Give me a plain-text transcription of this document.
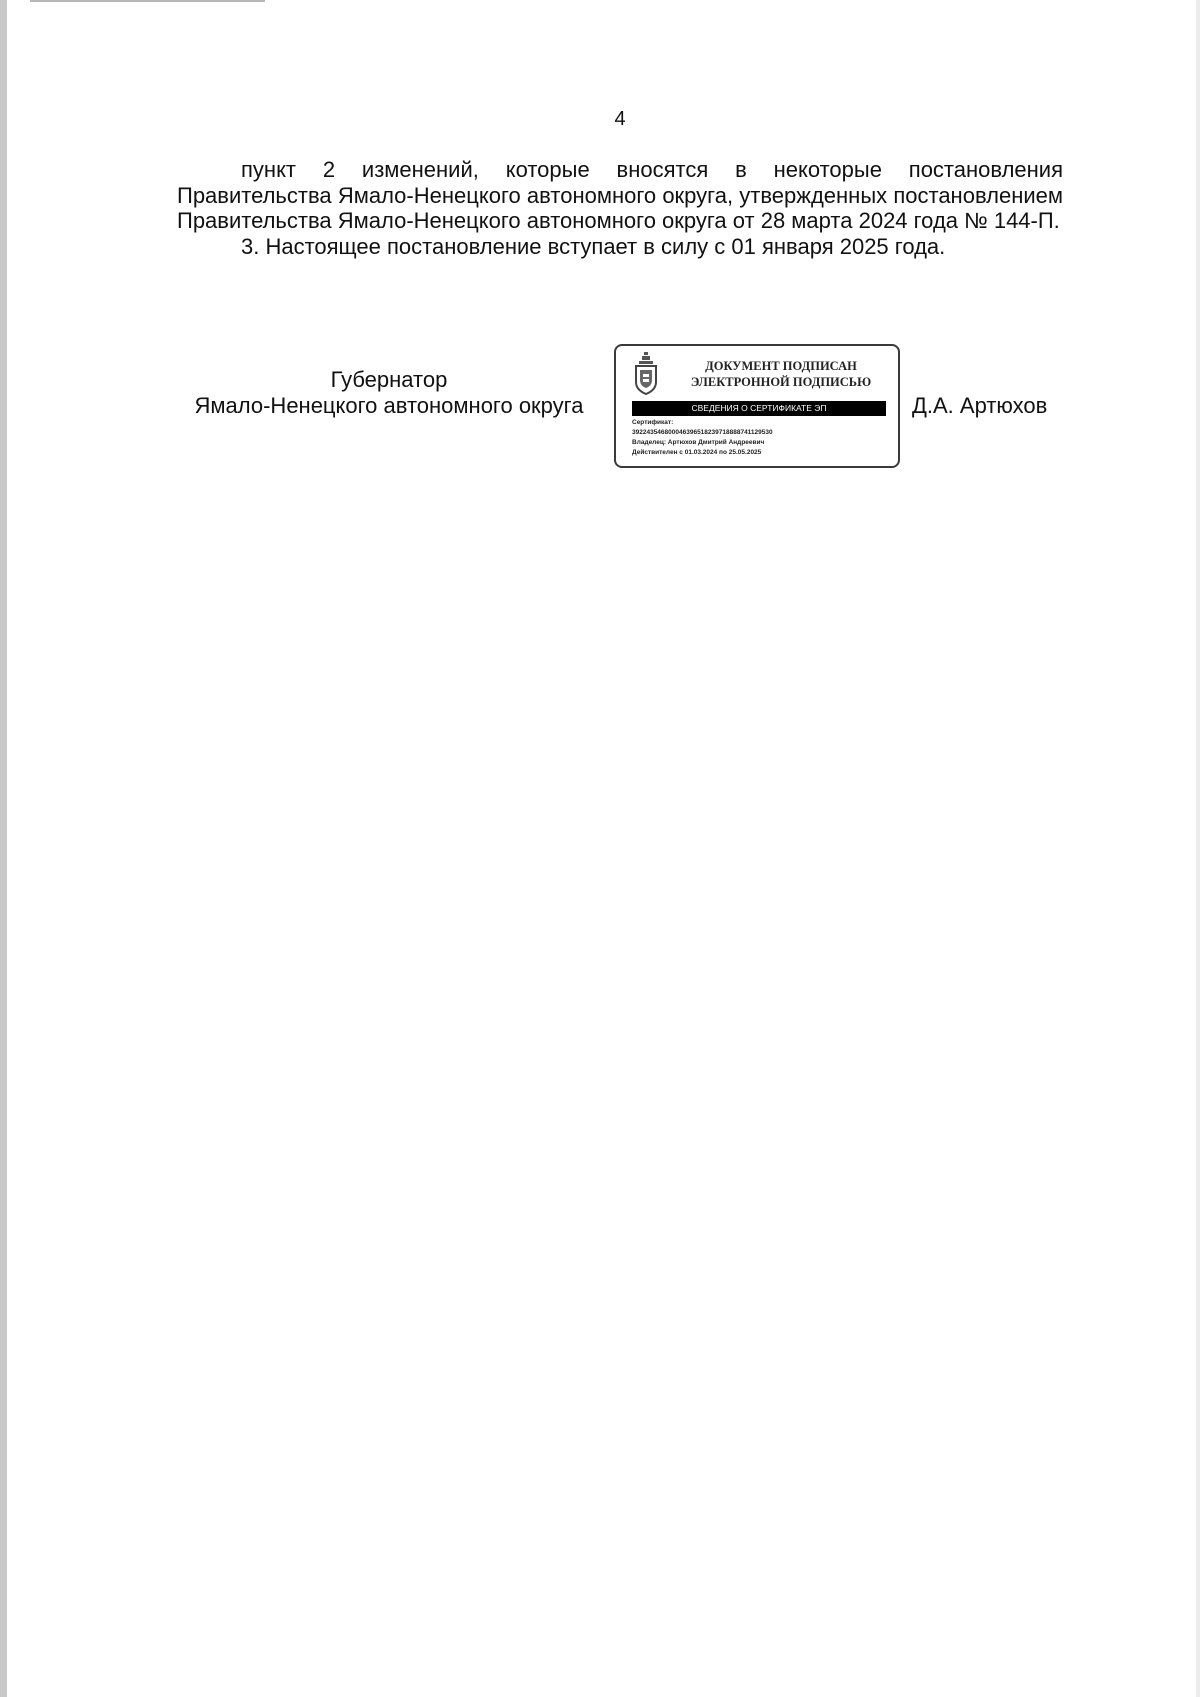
4

пункт 2 изменений, которые вносятся в некоторые постановления Правительства Ямало-Ненецкого автономного округа, утвержденных постановлением Правительства Ямало-Ненецкого автономного округа от 28 марта 2024 года № 144-П.

3. Настоящее постановление вступает в силу с 01 января 2025 года.

Губернатор
Ямало-Ненецкого автономного округа
ДОКУМЕНТ ПОДПИСАН
ЭЛЕКТРОННОЙ ПОДПИСЬЮ
СВЕДЕНИЯ О СЕРТИФИКАТЕ ЭП
Сертификат:
392243546800046396518239718888741129530
Владелец: Артюхов Дмитрий Андреевич
Действителен с 01.03.2024 по 25.05.2025
Д.А. Артюхов
